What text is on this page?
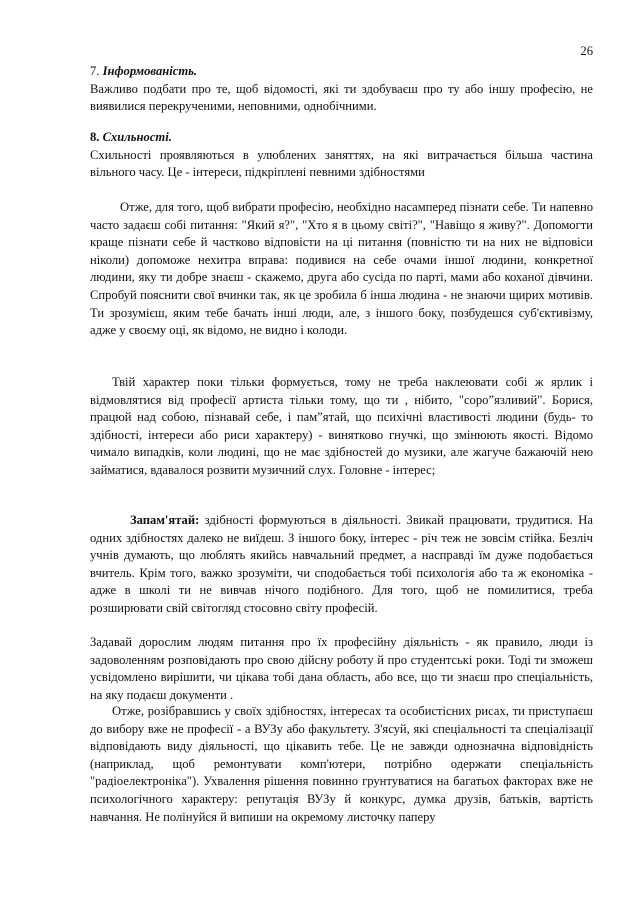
26

7. Інформованість.

Важливо подбати про те, щоб відомості, які ти здобуваєш про ту або іншу професію, не виявилися перекрученими, неповними, однобічними.

8. Схильності.

Схильності проявляються в улюблених заняттях, на які витрачається більша частина вільного часу. Це - інтереси, підкріплені певними здібностями

Отже, для того, щоб вибрати професію, необхідно насамперед пізнати себе. Ти напевно часто задаєш собі питання: "Який я?", "Хто я в цьому світі?", "Навіщо я живу?". Допомогти краще пізнати себе й частково відповісти на ці питання (повністю ти на них не відповіси ніколи) допоможе нехитра вправа: подивися на себе очами іншої людини, конкретної людини, яку ти добре знаєш - скажемо, друга або сусіда по парті, мами або коханої дівчини. Спробуй пояснити свої вчинки так, як це зробила б інша людина - не знаючи щирих мотивів. Ти зрозумієш, яким тебе бачать інші люди, але, з іншого боку, позбудешся суб'єктивізму, адже у своєму оці, як відомо, не видно і колоди.

Твій характер поки тільки формується, тому не треба наклеювати собі ж ярлик і відмовлятися від професії артиста тільки тому, що ти , нібито, "соро”язливий". Борися, працюй над собою, пізнавай себе, і пам”ятай, що психічні властивості людини (будь- то здібності, інтереси або риси характеру) - винятково гнучкі, що змінюють якості. Відомо чимало випадків, коли людині, що не має здібностей до музики, але жагуче бажаючій нею займатися, вдавалося розвити музичний слух. Головне - інтерес;

Запам'ятай: здібності формуються в діяльності. Звикай працювати, трудитися. На одних здібностях далеко не виїдеш. З іншого боку, інтерес - річ теж не зовсім стійка. Безліч учнів думають, що люблять якийсь навчальний предмет, а насправді їм дуже подобається вчитель. Крім того, важко зрозуміти, чи сподобається тобі психологія або та ж економіка - адже в школі ти не вивчав нічого подібного. Для того, щоб не помилитися, треба розширювати свій світогляд стосовно світу професій.

Задавай дорослим людям питання про їх професійну діяльність - як правило, люди із задоволенням розповідають про свою дійсну роботу й про студентські роки. Тоді ти зможеш усвідомлено вирішити, чи цікава тобі дана область, або все, що ти знаєш про спеціальність, на яку подаєш документи .

Отже, розібравшись у своїх здібностях, інтересах та особистісних рисах, ти приступаєш до вибору вже не професії - а ВУЗу або факультету. З'ясуй, які спеціальності та спеціалізації відповідають виду діяльності, що цікавить тебе. Це не завжди однозначна відповідність (наприклад, щоб ремонтувати комп'ютери, потрібно одержати спеціальність "радіоелектроніка"). Ухвалення рішення повинно грунтуватися на багатьох факторах вже не психологічного характеру: репутація ВУЗу й конкурс, думка друзів, батьків, вартість навчання. Не полінуйся й випиши на окремому листочку паперу
